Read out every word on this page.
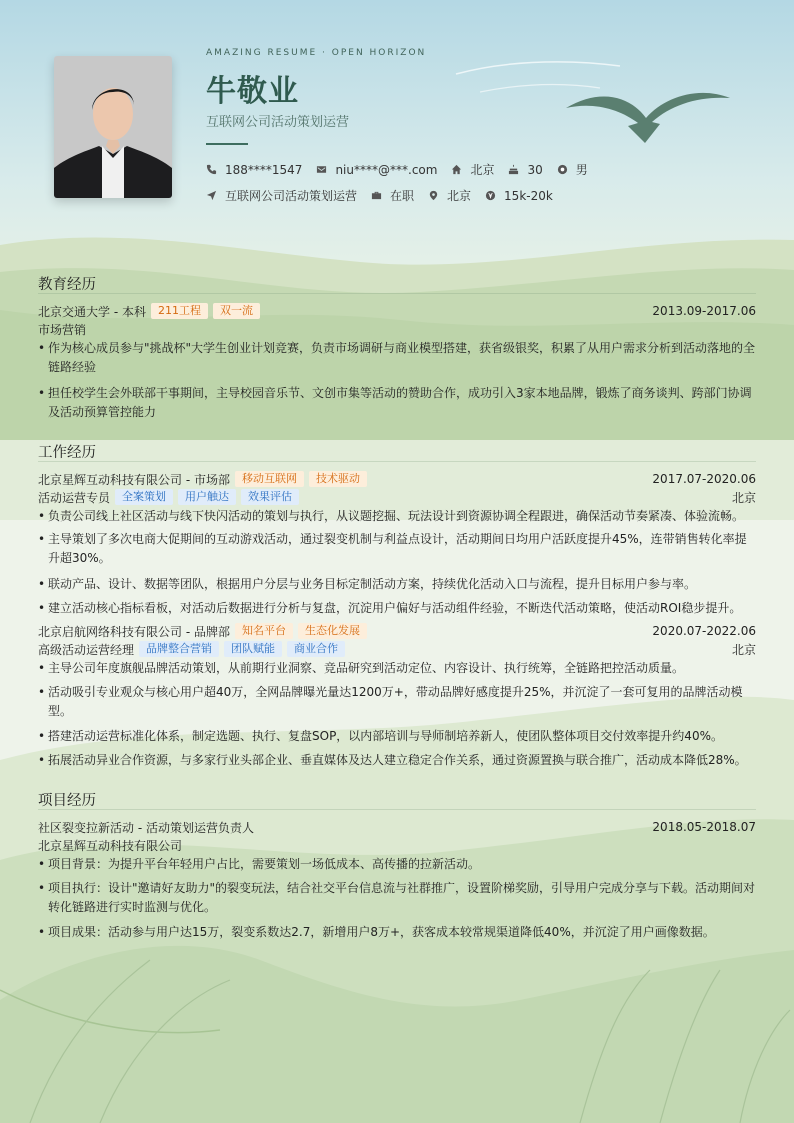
AMAZING RESUME · OPEN HORIZON
牛敬业
互联网公司活动策划运营
188****1547	niu****@***.com	北京	30	男
互联网公司活动策划运营	在职	北京	15k-20k
教育经历
北京交通大学 - 本科	211工程	双一流	2013.09-2017.06
市场营销
• 作为核心成员参与"挑战杯"大学生创业计划竞赛，负责市场调研与商业模型搭建，获省级银奖，积累了从用户需求分析到活动落地的全链路经验
• 担任校学生会外联部干事期间，主导校园音乐节、文创市集等活动的赞助合作，成功引入3家本地品牌，锻炼了商务谈判、跨部门协调及活动预算管控能力
工作经历
北京星辉互动科技有限公司 - 市场部	移动互联网	技术驱动	2017.07-2020.06
活动运营专员	全案策划	用户触达	效果评估	北京
• 负责公司线上社区活动与线下快闪活动的策划与执行，从议题挖掘、玩法设计到资源协调全程跟进，确保活动节奏紧凑、体验流畅。
• 主导策划了多次电商大促期间的互动游戏活动，通过裂变机制与利益点设计，活动期间日均用户活跃度提升45%，连带销售转化率提升超30%。
• 联动产品、设计、数据等团队，根据用户分层与业务目标定制活动方案，持续优化活动入口与流程，提升目标用户参与率。
• 建立活动核心指标看板，对活动后数据进行分析与复盘，沉淀用户偏好与活动组件经验，不断迭代活动策略，使活动ROI稳步提升。
北京启航网络科技有限公司 - 品牌部	知名平台	生态化发展	2020.07-2022.06
高级活动运营经理	品牌整合营销	团队赋能	商业合作	北京
• 主导公司年度旗舰品牌活动策划，从前期行业洞察、竞品研究到活动定位、内容设计、执行统筹，全链路把控活动质量。
• 活动吸引专业观众与核心用户超40万，全网品牌曝光量达1200万+，带动品牌好感度提升25%，并沉淀了一套可复用的品牌活动模型。
• 搭建活动运营标准化体系，制定选题、执行、复盘SOP，以内部培训与导师制培养新人，使团队整体项目交付效率提升约40%。
• 拓展活动异业合作资源，与多家行业头部企业、垂直媒体及达人建立稳定合作关系，通过资源置换与联合推广，活动成本降低28%。
项目经历
社区裂变拉新活动 - 活动策划运营负责人	2018.05-2018.07
北京星辉互动科技有限公司
• 项目背景：为提升平台年轻用户占比，需要策划一场低成本、高传播的拉新活动。
• 项目执行：设计"邀请好友助力"的裂变玩法，结合社交平台信息流与社群推广，设置阶梯奖励，引导用户完成分享与下载。活动期间对转化链路进行实时监测与优化。
• 项目成果：活动参与用户达15万，裂变系数达2.7，新增用户8万+，获客成本较常规渠道降低40%，并沉淀了用户画像数据。
